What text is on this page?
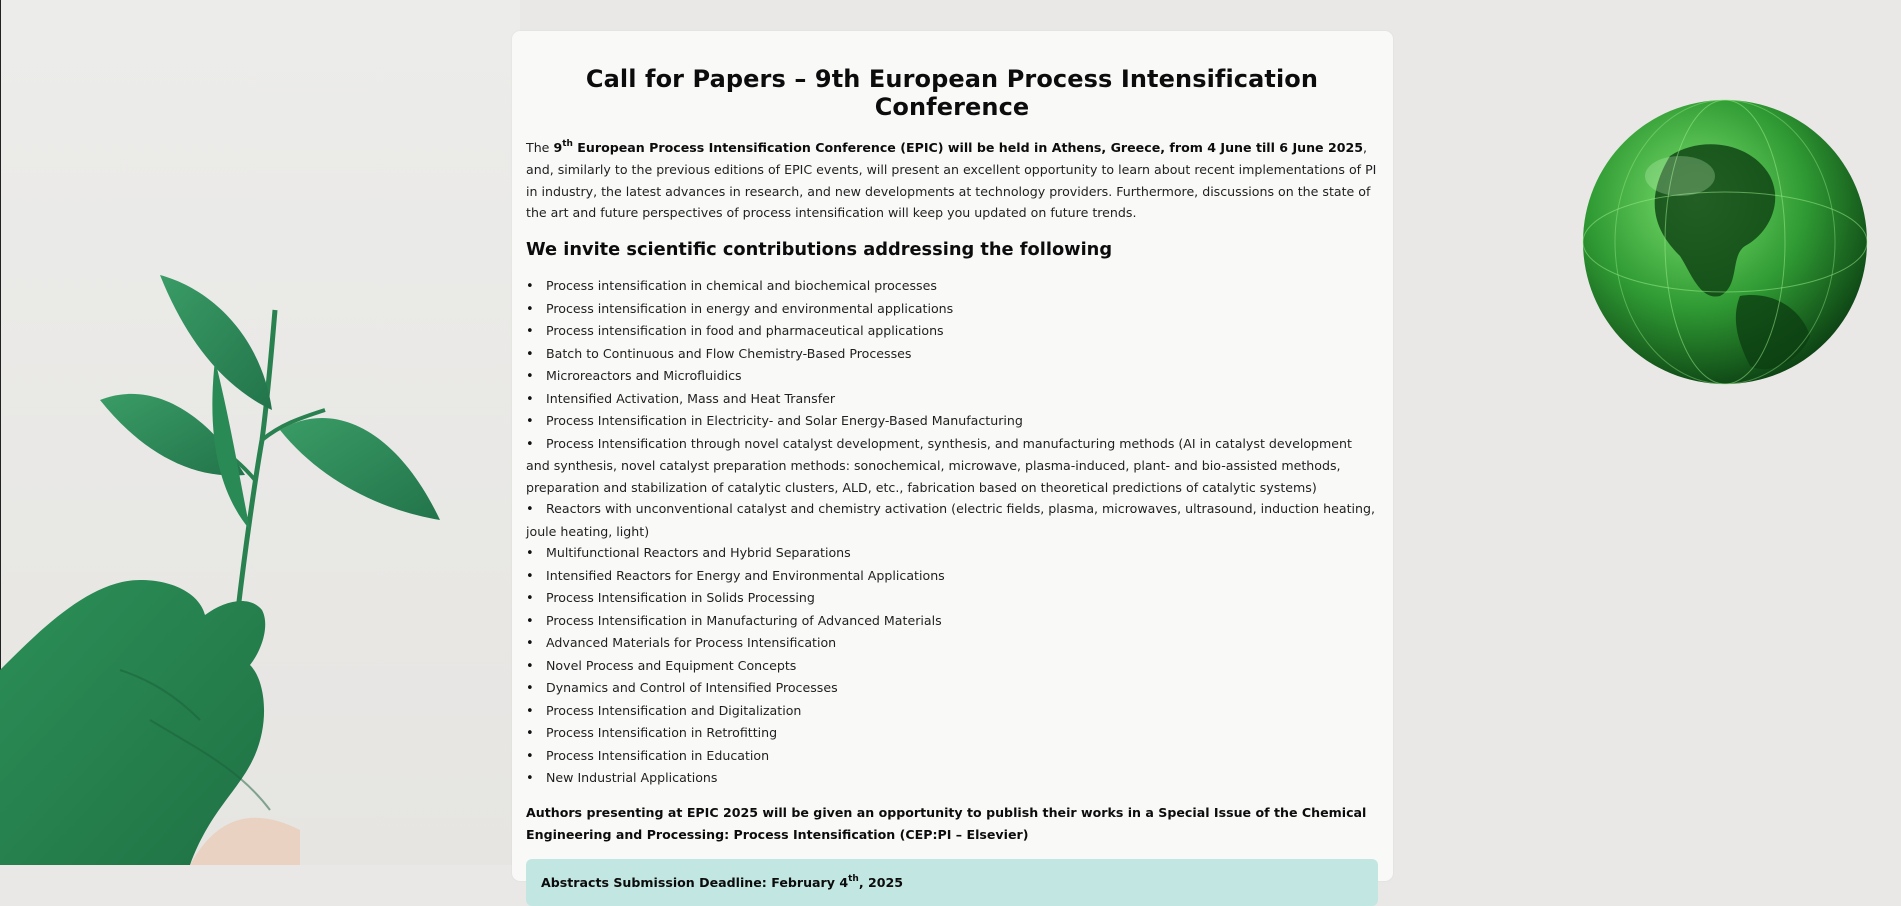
Call for Papers – 9th European Process Intensification Conference

The 9th European Process Intensification Conference (EPIC) will be held in Athens, Greece, from 4 June till 6 June 2025, and, similarly to the previous editions of EPIC events, will present an excellent opportunity to learn about recent implementations of PI in industry, the latest advances in research, and new developments at technology providers. Furthermore, discussions on the state of the art and future perspectives of process intensification will keep you updated on future trends.

We invite scientific contributions addressing the following
• Process intensification in chemical and biochemical processes
• Process intensification in energy and environmental applications
• Process intensification in food and pharmaceutical applications
• Batch to Continuous and Flow Chemistry-Based Processes
• Microreactors and Microfluidics
• Intensified Activation, Mass and Heat Transfer
• Process Intensification in Electricity- and Solar Energy-Based Manufacturing
• Process Intensification through novel catalyst development, synthesis, and manufacturing methods (AI in catalyst development and synthesis, novel catalyst preparation methods: sonochemical, microwave, plasma-induced, plant- and bio-assisted methods, preparation and stabilization of catalytic clusters, ALD, etc., fabrication based on theoretical predictions of catalytic systems)
• Reactors with unconventional catalyst and chemistry activation (electric fields, plasma, microwaves, ultrasound, induction heating, joule heating, light)
• Multifunctional Reactors and Hybrid Separations
• Intensified Reactors for Energy and Environmental Applications
• Process Intensification in Solids Processing
• Process Intensification in Manufacturing of Advanced Materials
• Advanced Materials for Process Intensification
• Novel Process and Equipment Concepts
• Dynamics and Control of Intensified Processes
• Process Intensification and Digitalization
• Process Intensification in Retrofitting
• Process Intensification in Education
• New Industrial Applications

Authors presenting at EPIC 2025 will be given an opportunity to publish their works in a Special Issue of the Chemical Engineering and Processing: Process Intensification (CEP:PI – Elsevier)

Abstracts Submission Deadline: February 4th, 2025
